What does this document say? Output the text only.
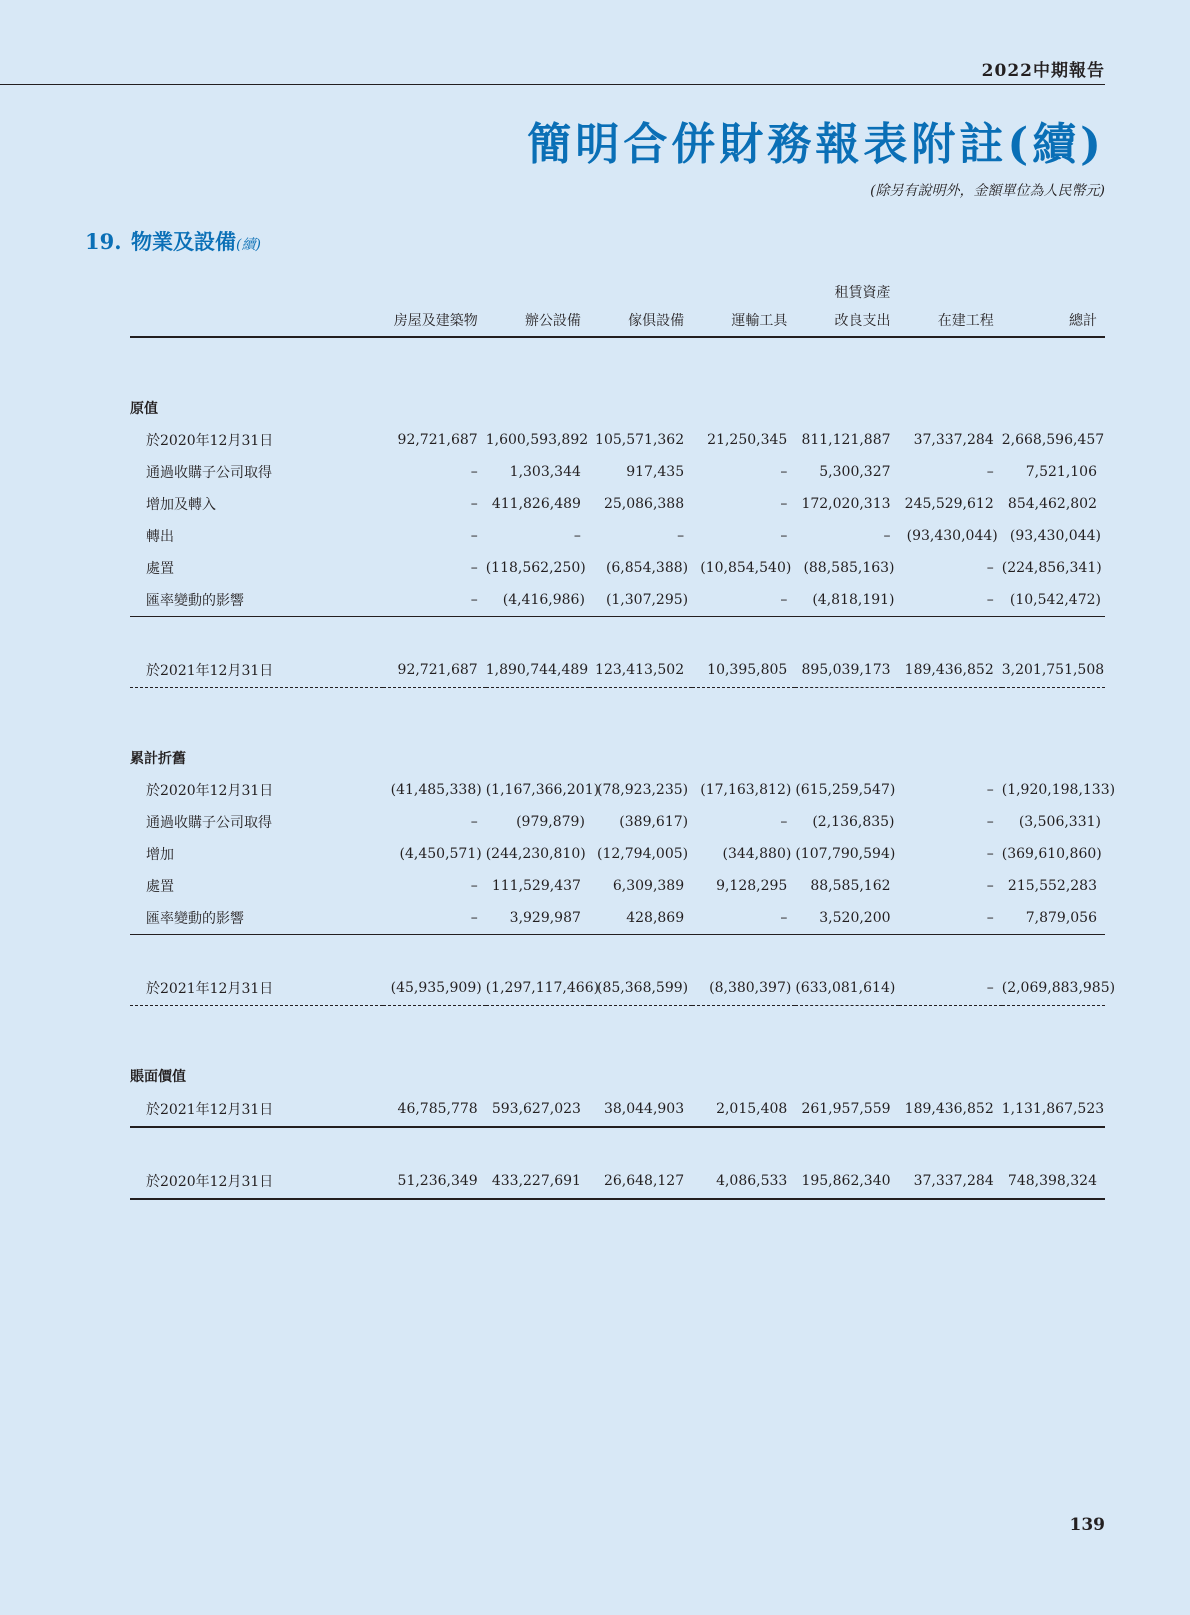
2022中期報告
簡明合併財務報表附註(續)
(除另有說明外，金額單位為人民幣元)
19. 物業及設備(續)
					租賃資產		
	房屋及建築物	辦公設備	傢俱設備	運輸工具	改良支出	在建工程	總計

原值							
於2020年12月31日	92,721,687	1,600,593,892	105,571,362	21,250,345	811,121,887	37,337,284	2,668,596,457
通過收購子公司取得	–	1,303,344	917,435	–	5,300,327	–	7,521,106
增加及轉入	–	411,826,489	25,086,388	–	172,020,313	245,529,612	854,462,802
轉出	–	–	–	–	–	(93,430,044)	(93,430,044)
處置	–	(118,562,250)	(6,854,388)	(10,854,540)	(88,585,163)	–	(224,856,341)
匯率變動的影響	–	(4,416,986)	(1,307,295)	–	(4,818,191)	–	(10,542,472)

於2021年12月31日	92,721,687	1,890,744,489	123,413,502	10,395,805	895,039,173	189,436,852	3,201,751,508

累計折舊							
於2020年12月31日	(41,485,338)	(1,167,366,201)	(78,923,235)	(17,163,812)	(615,259,547)	–	(1,920,198,133)
通過收購子公司取得	–	(979,879)	(389,617)	–	(2,136,835)	–	(3,506,331)
增加	(4,450,571)	(244,230,810)	(12,794,005)	(344,880)	(107,790,594)	–	(369,610,860)
處置	–	111,529,437	6,309,389	9,128,295	88,585,162	–	215,552,283
匯率變動的影響	–	3,929,987	428,869	–	3,520,200	–	7,879,056

於2021年12月31日	(45,935,909)	(1,297,117,466)	(85,368,599)	(8,380,397)	(633,081,614)	–	(2,069,883,985)

賬面價值							
於2021年12月31日	46,785,778	593,627,023	38,044,903	2,015,408	261,957,559	189,436,852	1,131,867,523

於2020年12月31日	51,236,349	433,227,691	26,648,127	4,086,533	195,862,340	37,337,284	748,398,324
139
